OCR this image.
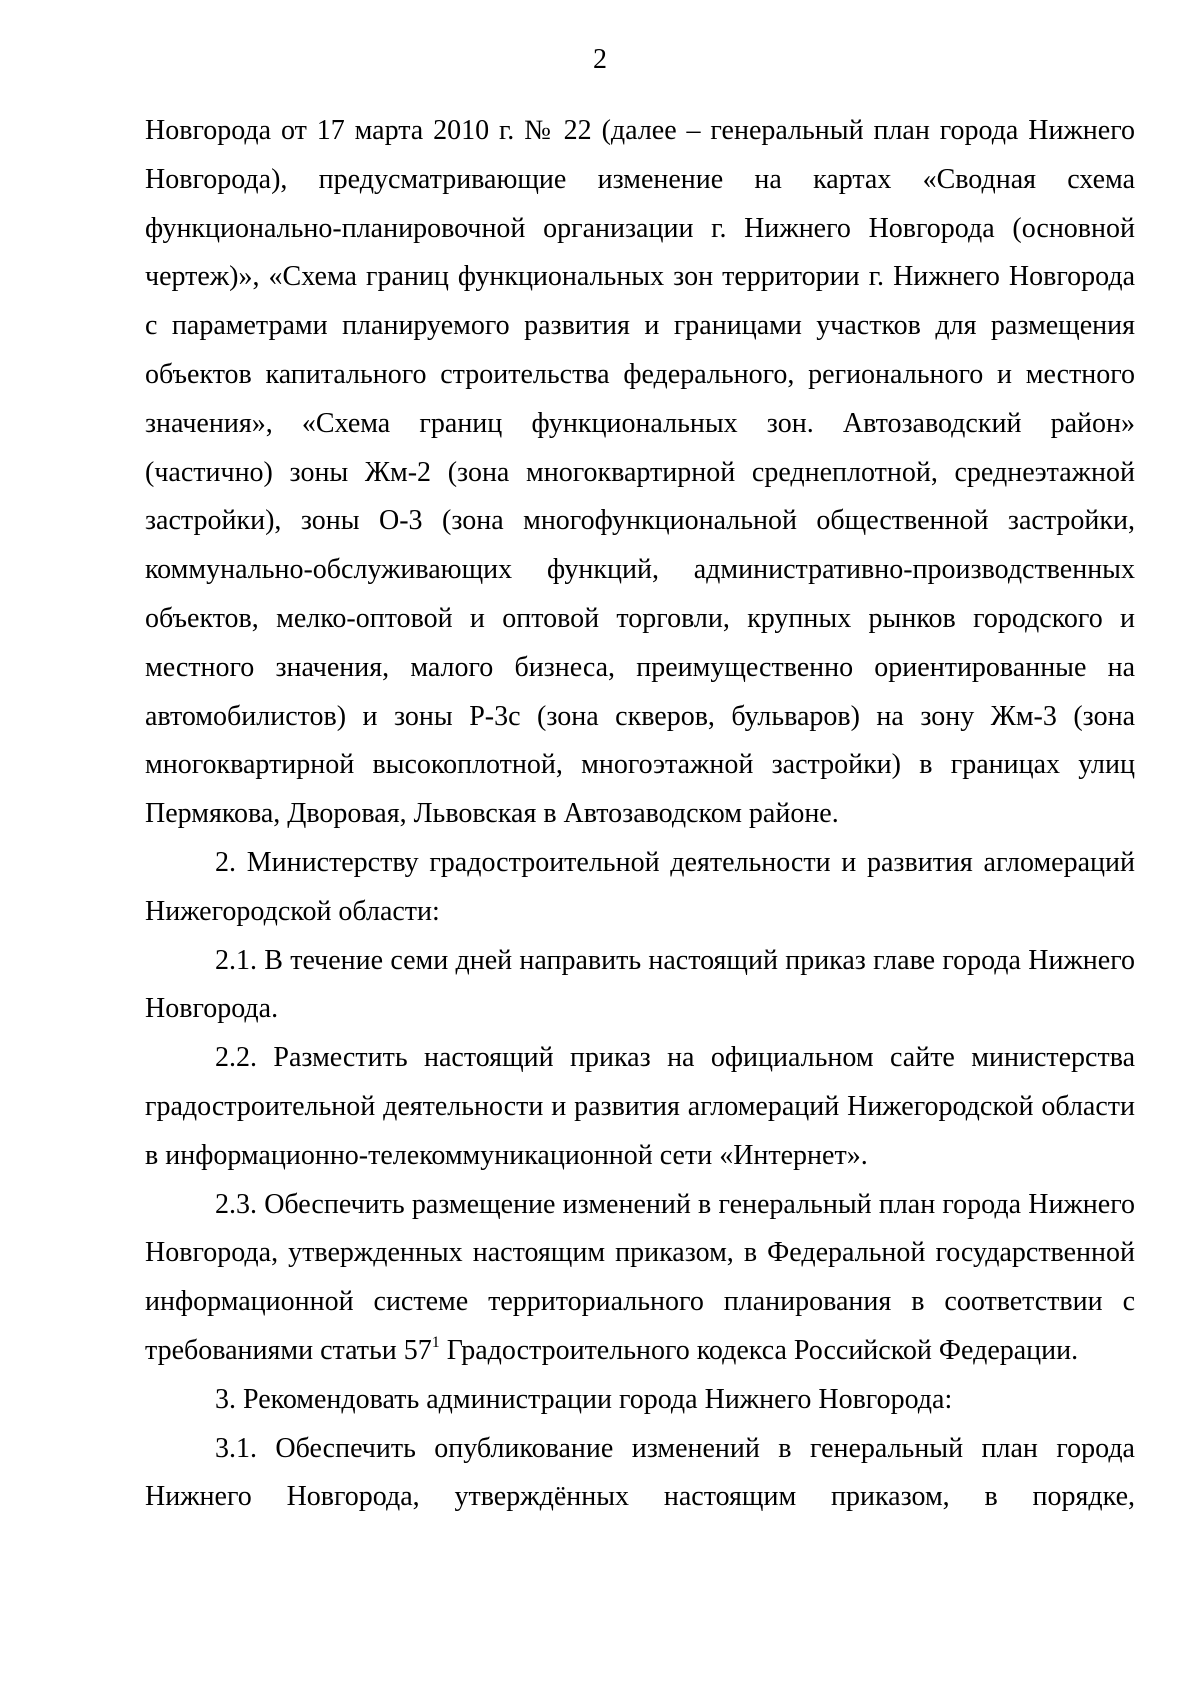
2

Новгорода от 17 марта 2010 г. № 22 (далее – генеральный план города Нижнего Новгорода), предусматривающие изменение на картах «Сводная схема функционально-планировочной организации г. Нижнего Новгорода (основной чертеж)», «Схема границ функциональных зон территории г. Нижнего Новгорода с параметрами планируемого развития и границами участков для размещения объектов капитального строительства федерального, регионального и местного значения», «Схема границ функциональных зон. Автозаводский район» (частично) зоны Жм-2 (зона многоквартирной среднеплотной, среднеэтажной застройки), зоны О-3 (зона многофункциональной общественной застройки, коммунально-обслуживающих функций, административно-производственных объектов, мелко-оптовой и оптовой торговли, крупных рынков городского и местного значения, малого бизнеса, преимущественно ориентированные на автомобилистов) и зоны Р-3с (зона скверов, бульваров) на зону Жм-3 (зона многоквартирной высокоплотной, многоэтажной застройки) в границах улиц Пермякова, Дворовая, Львовская в Автозаводском районе.

2. Министерству градостроительной деятельности и развития агломераций Нижегородской области:

2.1. В течение семи дней направить настоящий приказ главе города Нижнего Новгорода.

2.2. Разместить настоящий приказ на официальном сайте министерства градостроительной деятельности и развития агломераций Нижегородской области в информационно-телекоммуникационной сети «Интернет».

2.3. Обеспечить размещение изменений в генеральный план города Нижнего Новгорода, утвержденных настоящим приказом, в Федеральной государственной информационной системе территориального планирования в соответствии с требованиями статьи $57^1$ Градостроительного кодекса Российской Федерации.

3. Рекомендовать администрации города Нижнего Новгорода:

3.1. Обеспечить опубликование изменений в генеральный план города Нижнего Новгорода, утверждённых настоящим приказом, в порядке,
